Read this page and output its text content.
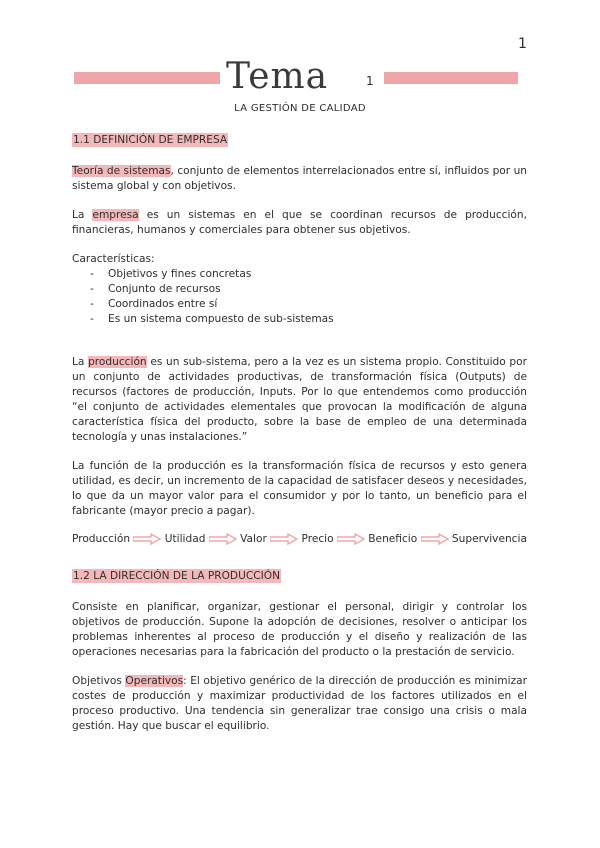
1
Tema	1
LA GESTIÓN DE CALIDAD
1.1 DEFINICIÓN DE EMPRESA

Teoría de sistemas, conjunto de elementos interrelacionados entre sí, influidos por un sistema global y con objetivos.

La empresa es un sistemas en el que se coordinan recursos de producción, financieras, humanos y comerciales para obtener sus objetivos.

Características:

- Objetivos y fines concretas
- Conjunto de recursos
- Coordinados entre sí
- Es un sistema compuesto de sub-sistemas

La producción es un sub-sistema, pero a la vez es un sistema propio. Constituido por un conjunto de actividades productivas, de transformación física (Outputs) de recursos (factores de producción, Inputs. Por lo que entendemos como producción “el conjunto de actividades elementales que provocan la modificación de alguna característica física del producto, sobre la base de empleo de una determinada tecnología y unas instalaciones.”

La función de la producción es la transformación física de recursos y esto genera utilidad, es decir, un incremento de la capacidad de satisfacer deseos y necesidades, lo que da un mayor valor para el consumidor y por lo tanto, un beneficio para el fabricante (mayor precio a pagar).

Producción	Utilidad	Valor	Precio	Beneficio	Supervivencia
1.2 LA DIRECCIÓN DE LA PRODUCCIÓN

Consiste en planificar, organizar, gestionar el personal, dirigir y controlar los objetivos de producción. Supone la adopción de decisiones, resolver o anticipar los problemas inherentes al proceso de producción y el diseño y realización de las operaciones necesarias para la fabricación del producto o la prestación de servicio.

Objetivos Operativos: El objetivo genérico de la dirección de producción es minimizar costes de producción y maximizar productividad de los factores utilizados en el proceso productivo. Una tendencia sin generalizar trae consigo una crisis o mala gestión. Hay que buscar el equilibrio.
